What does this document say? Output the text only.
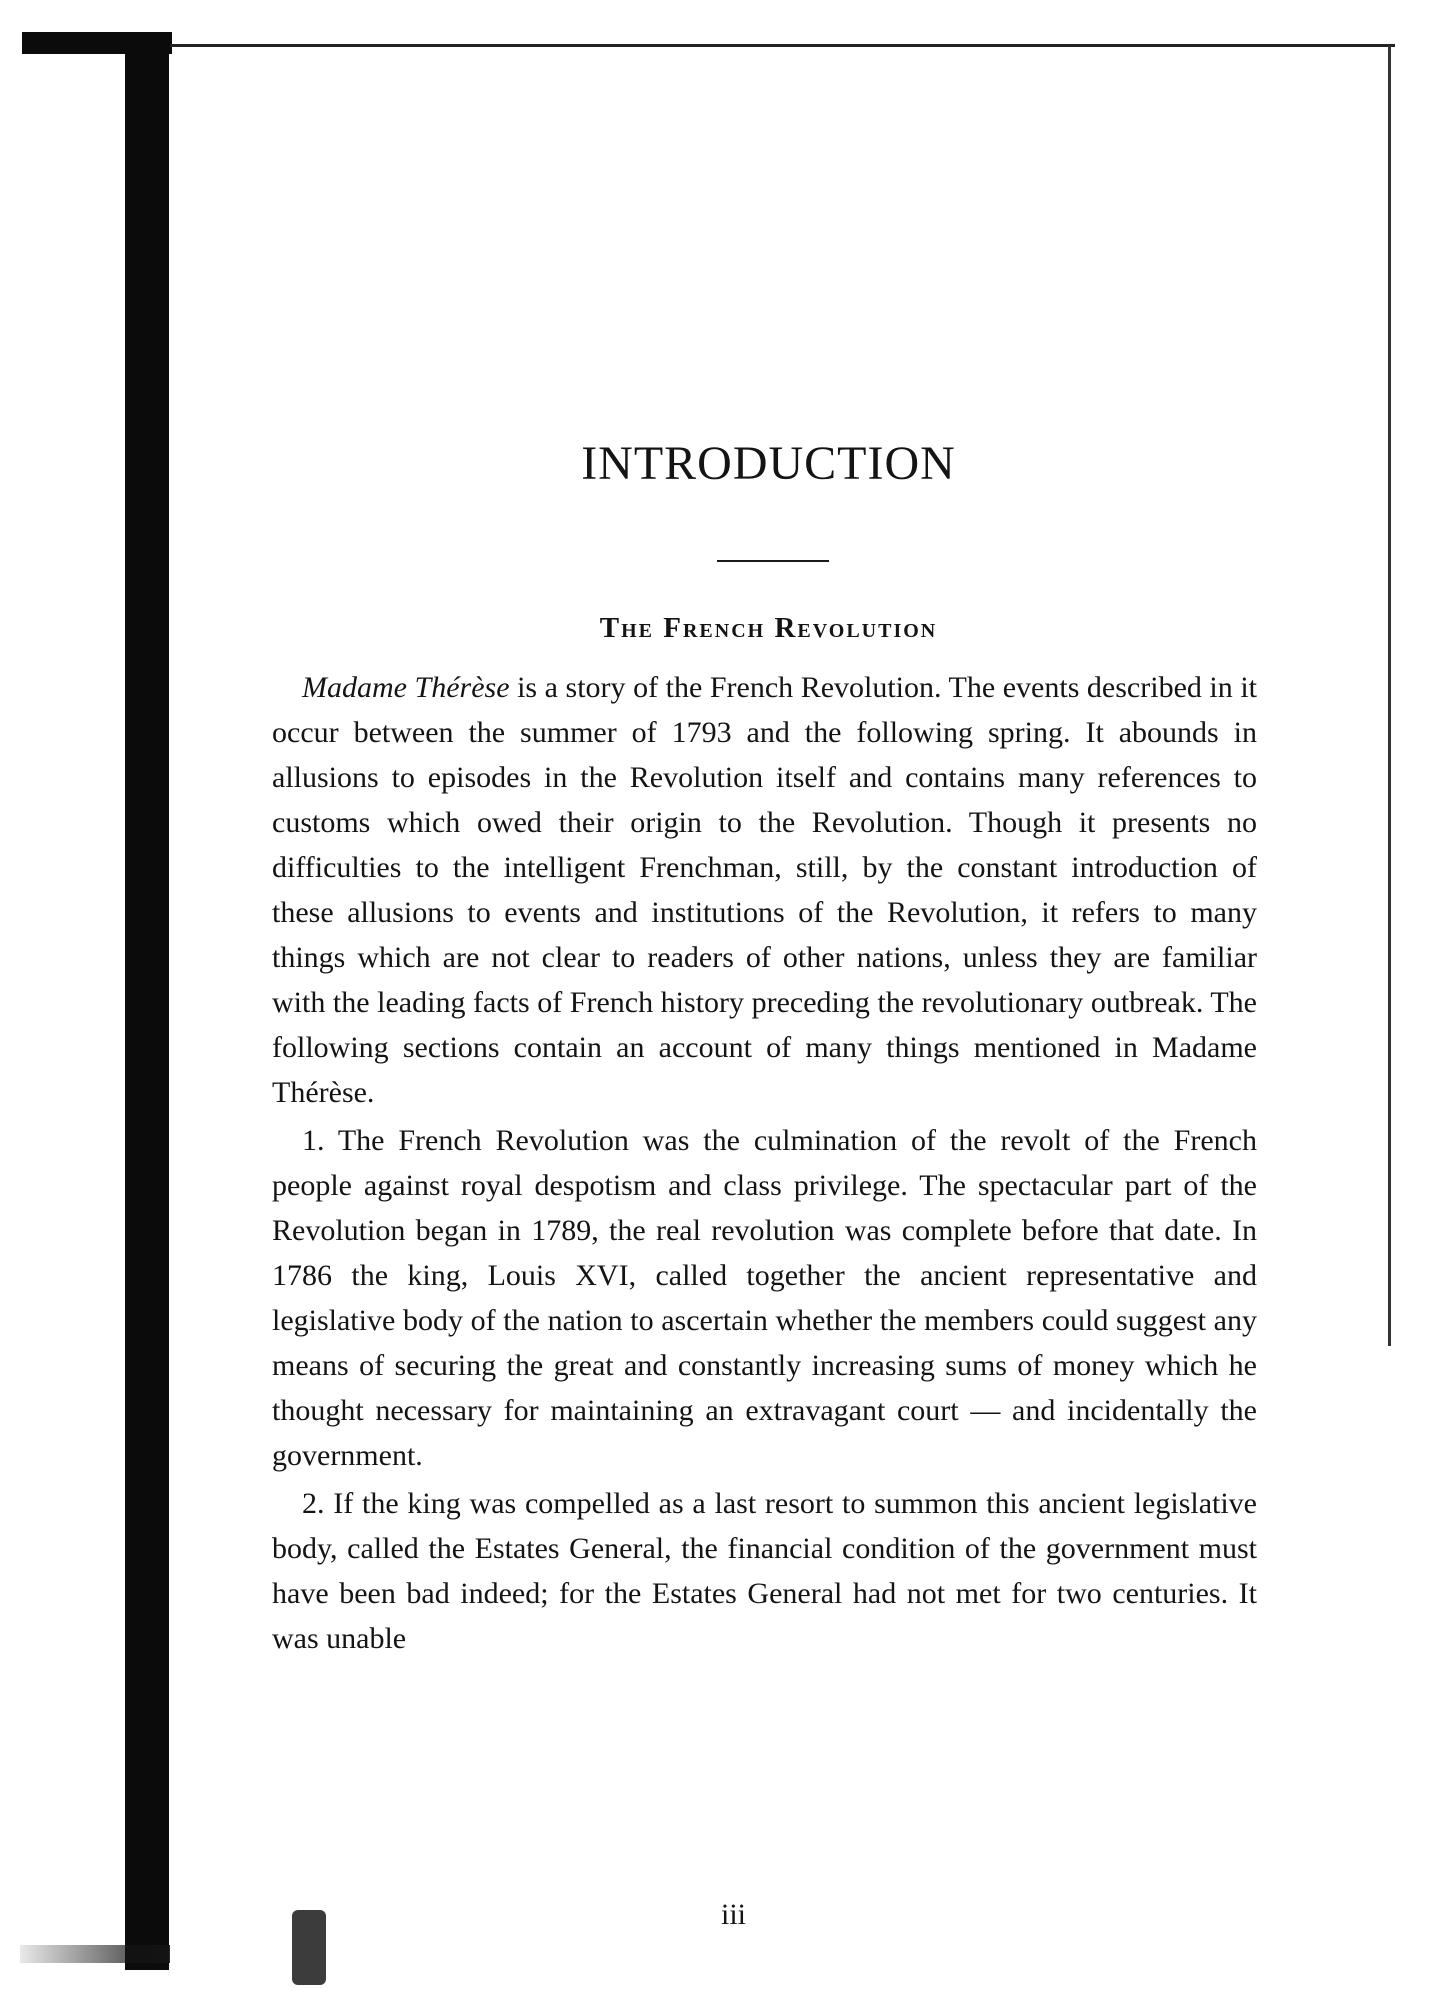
INTRODUCTION
The French Revolution

Madame Thérèse is a story of the French Revolution. The events described in it occur between the summer of 1793 and the following spring. It abounds in allusions to episodes in the Revolution itself and contains many references to customs which owed their origin to the Revolution. Though it presents no difficulties to the intelligent Frenchman, still, by the constant introduction of these allusions to events and institutions of the Revolution, it refers to many things which are not clear to readers of other nations, unless they are familiar with the leading facts of French history preceding the revolutionary outbreak. The following sections contain an account of many things mentioned in Madame Thérèse.

1. The French Revolution was the culmination of the revolt of the French people against royal despotism and class privilege. The spectacular part of the Revolution began in 1789, the real revolution was complete before that date. In 1786 the king, Louis XVI, called together the ancient representative and legislative body of the nation to ascertain whether the members could suggest any means of securing the great and constantly increasing sums of money which he thought necessary for maintaining an extravagant court — and incidentally the government.

2. If the king was compelled as a last resort to summon this ancient legislative body, called the Estates General, the financial condition of the government must have been bad indeed; for the Estates General had not met for two centuries. It was unable

iii
